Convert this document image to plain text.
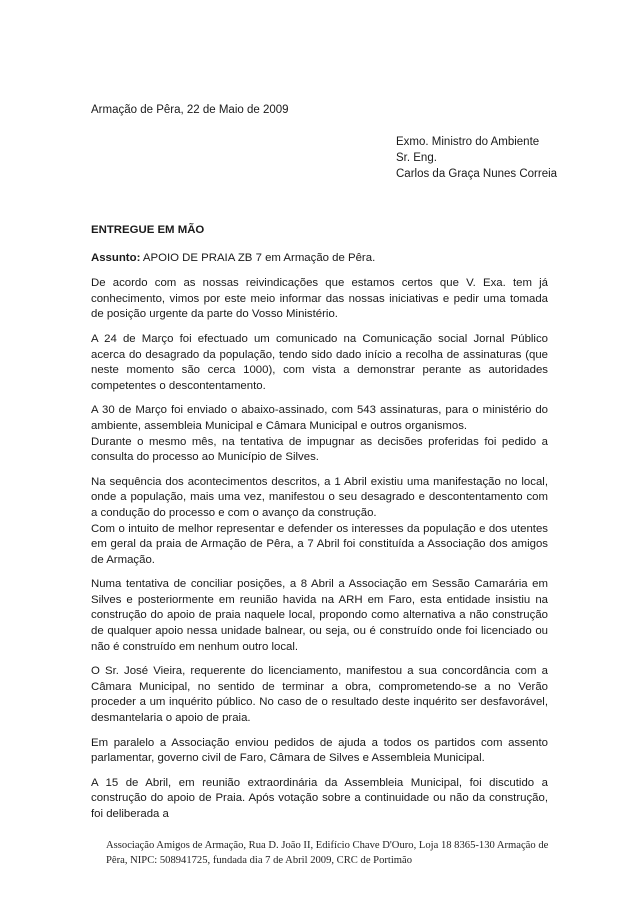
Armação de Pêra, 22 de Maio de 2009
Exmo. Ministro do Ambiente
Sr. Eng.
Carlos da Graça Nunes Correia
ENTREGUE EM MÃO
Assunto: APOIO DE PRAIA ZB 7 em Armação de Pêra.
De acordo com as nossas reivindicações que estamos certos que V. Exa. tem já conhecimento, vimos por este meio informar das nossas iniciativas e pedir uma tomada de posição urgente da parte do Vosso Ministério.
A 24 de Março foi efectuado um comunicado na Comunicação social Jornal Público acerca do desagrado da população, tendo sido dado início a recolha de assinaturas (que neste momento são cerca 1000), com vista a demonstrar perante as autoridades competentes o descontentamento.
A 30 de Março foi enviado o abaixo-assinado, com 543 assinaturas, para o ministério do ambiente, assembleia Municipal e Câmara Municipal e outros organismos.
Durante o mesmo mês, na tentativa de impugnar as decisões proferidas foi pedido a consulta do processo ao Município de Silves.
Na sequência dos acontecimentos descritos, a 1 Abril existiu uma manifestação no local, onde a população, mais uma vez, manifestou o seu desagrado e descontentamento com a condução do processo e com o avanço da construção.
Com o intuito de melhor representar e defender os interesses da população e dos utentes em geral da praia de Armação de Pêra, a 7 Abril foi constituída a Associação dos amigos de Armação.
Numa tentativa de conciliar posições, a 8 Abril a Associação em Sessão Camarária em Silves e posteriormente em reunião havida na ARH em Faro, esta entidade insistiu na construção do apoio de praia naquele local, propondo como alternativa a não construção de qualquer apoio nessa unidade balnear, ou seja, ou é construído onde foi licenciado ou não é construído em nenhum outro local.
O Sr. José Vieira, requerente do licenciamento, manifestou a sua concordância com a Câmara Municipal, no sentido de terminar a obra, comprometendo-se a no Verão proceder a um inquérito público. No caso de o resultado deste inquérito ser desfavorável, desmantelaria o apoio de praia.
Em paralelo a Associação enviou pedidos de ajuda a todos os partidos com assento parlamentar, governo civil de Faro, Câmara de Silves e Assembleia Municipal.
A 15 de Abril, em reunião extraordinária da Assembleia Municipal, foi discutido a construção do apoio de Praia. Após votação sobre a continuidade ou não da construção, foi deliberada a
Associação Amigos de Armação, Rua D. João II, Edifício Chave D'Ouro, Loja 18 8365-130 Armação de Pêra, NIPC: 508941725, fundada dia 7 de Abril 2009, CRC de Portimão
